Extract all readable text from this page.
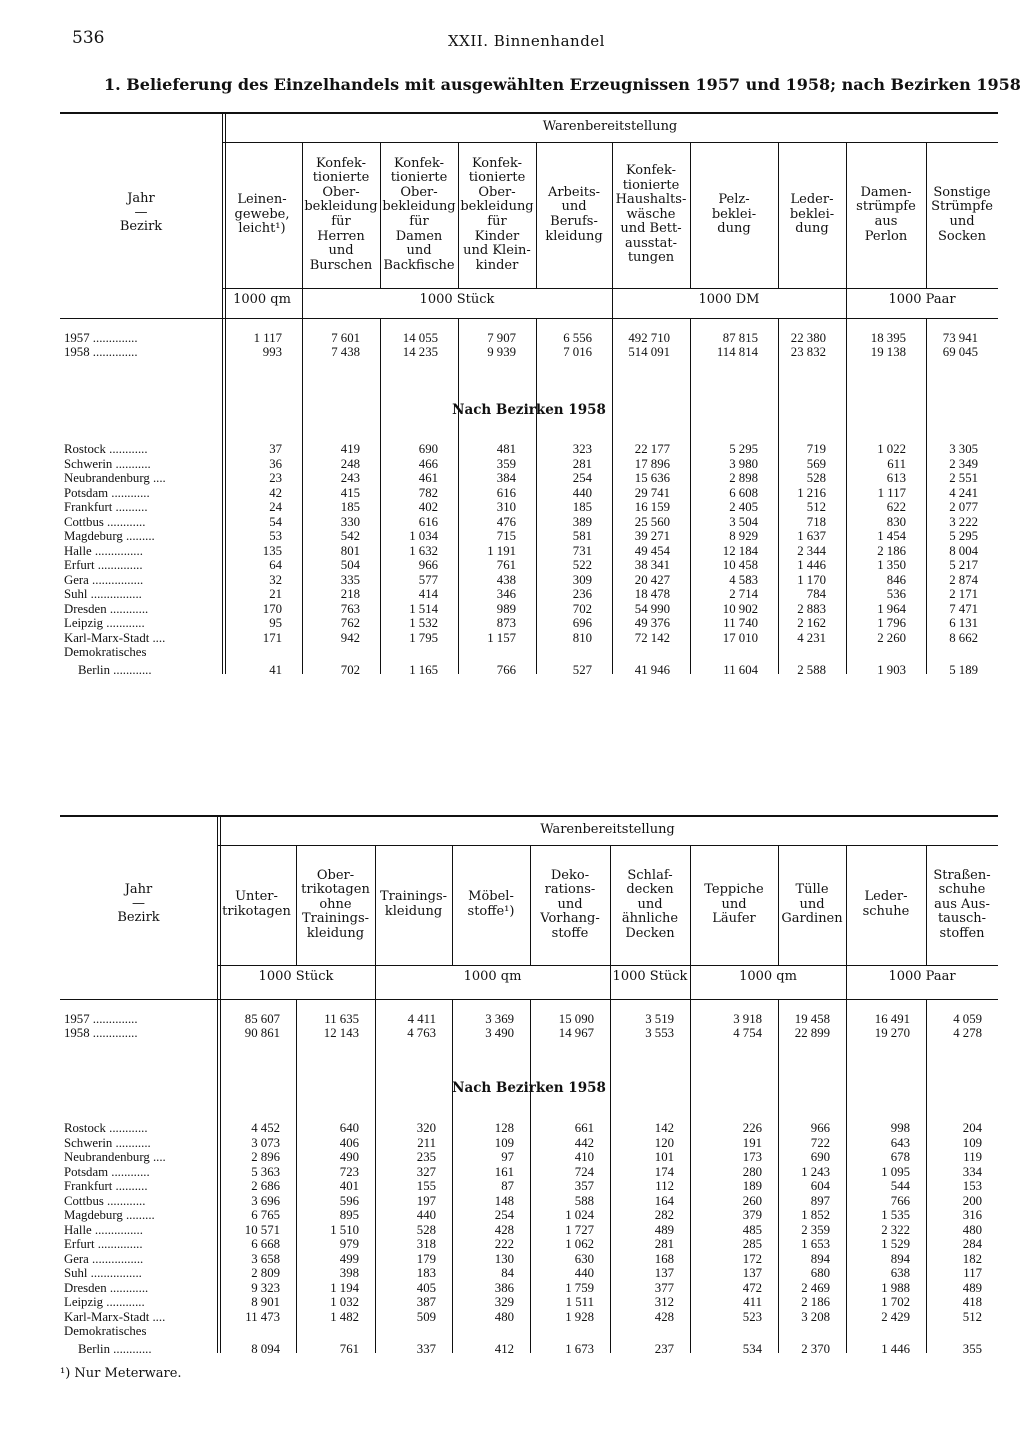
536	XXII. Binnenhandel
1. Belieferung des Einzelhandels mit ausgewählten Erzeugnissen 1957 und 1958; nach Bezirken 1958
Jahr
—
Bezirk
Warenbereitstellung
Leinen-
gewebe,
leicht¹)
Konfek-
tionierte
Ober-
bekleidung
für
Herren
und
Burschen
Konfek-
tionierte
Ober-
bekleidung
für
Damen
und
Backfische
Konfek-
tionierte
Ober-
bekleidung
für
Kinder
und Klein-
kinder
Arbeits-
und
Berufs-
kleidung
Konfek-
tionierte
Haushalts-
wäsche
und Bett-
ausstat-
tungen
Pelz-
beklei-
dung
Leder-
beklei-
dung
Damen-
strümpfe
aus
Perlon
Sonstige
Strümpfe
und
Socken
1000 qm	1000 Stück	1000 DM	1000 Paar
1957 ..............	1 117	7 601	14 055	7 907	6 556	492 710	87 815	22 380	18 395	73 941
1958 ..............	993	7 438	14 235	9 939	7 016	514 091	114 814	23 832	19 138	69 045
Nach Bezirken 1958
Rostock ............	37	419	690	481	323	22 177	5 295	719	1 022	3 305
Schwerin ...........	36	248	466	359	281	17 896	3 980	569	611	2 349
Neubrandenburg ....	23	243	461	384	254	15 636	2 898	528	613	2 551
Potsdam ............	42	415	782	616	440	29 741	6 608	1 216	1 117	4 241
Frankfurt ..........	24	185	402	310	185	16 159	2 405	512	622	2 077
Cottbus ............	54	330	616	476	389	25 560	3 504	718	830	3 222
Magdeburg .........	53	542	1 034	715	581	39 271	8 929	1 637	1 454	5 295
Halle ...............	135	801	1 632	1 191	731	49 454	12 184	2 344	2 186	8 004
Erfurt ..............	64	504	966	761	522	38 341	10 458	1 446	1 350	5 217
Gera ................	32	335	577	438	309	20 427	4 583	1 170	846	2 874
Suhl ................	21	218	414	346	236	18 478	2 714	784	536	2 171
Dresden ............	170	763	1 514	989	702	54 990	10 902	2 883	1 964	7 471
Leipzig ............	95	762	1 532	873	696	49 376	11 740	2 162	1 796	6 131
Karl-Marx-Stadt ....	171	942	1 795	1 157	810	72 142	17 010	4 231	2 260	8 662
Demokratisches
Berlin ............	41	702	1 165	766	527	41 946	11 604	2 588	1 903	5 189
Jahr
—
Bezirk
Warenbereitstellung
Unter-
trikotagen
Ober-
trikotagen
ohne
Trainings-
kleidung
Trainings-
kleidung
Möbel-
stoffe¹)
Deko-
rations-
und
Vorhang-
stoffe
Schlaf-
decken
und
ähnliche
Decken
Teppiche
und
Läufer
Tülle
und
Gardinen
Leder-
schuhe
Straßen-
schuhe
aus Aus-
tausch-
stoffen
1000 Stück	1000 qm	1000 Stück	1000 qm	1000 Paar
1957 ..............	85 607	11 635	4 411	3 369	15 090	3 519	3 918	19 458	16 491	4 059
1958 ..............	90 861	12 143	4 763	3 490	14 967	3 553	4 754	22 899	19 270	4 278
Nach Bezirken 1958
Rostock ............	4 452	640	320	128	661	142	226	966	998	204
Schwerin ...........	3 073	406	211	109	442	120	191	722	643	109
Neubrandenburg ....	2 896	490	235	97	410	101	173	690	678	119
Potsdam ............	5 363	723	327	161	724	174	280	1 243	1 095	334
Frankfurt ..........	2 686	401	155	87	357	112	189	604	544	153
Cottbus ............	3 696	596	197	148	588	164	260	897	766	200
Magdeburg .........	6 765	895	440	254	1 024	282	379	1 852	1 535	316
Halle ...............	10 571	1 510	528	428	1 727	489	485	2 359	2 322	480
Erfurt ..............	6 668	979	318	222	1 062	281	285	1 653	1 529	284
Gera ................	3 658	499	179	130	630	168	172	894	894	182
Suhl ................	2 809	398	183	84	440	137	137	680	638	117
Dresden ............	9 323	1 194	405	386	1 759	377	472	2 469	1 988	489
Leipzig ............	8 901	1 032	387	329	1 511	312	411	2 186	1 702	418
Karl-Marx-Stadt ....	11 473	1 482	509	480	1 928	428	523	3 208	2 429	512
Demokratisches
Berlin ............	8 094	761	337	412	1 673	237	534	2 370	1 446	355
¹) Nur Meterware.
